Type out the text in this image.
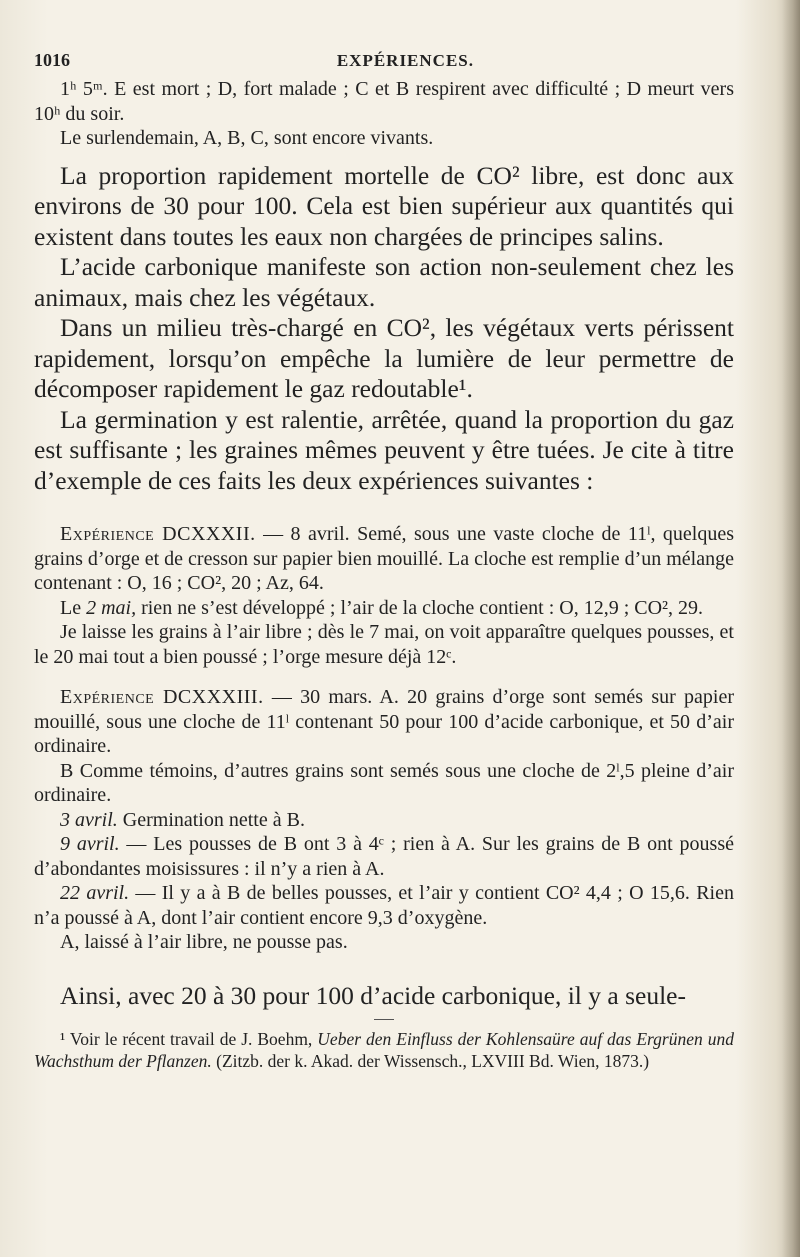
1016	EXPÉRIENCES.

1ʰ 5ᵐ. E est mort ; D, fort malade ; C et B respirent avec difficulté ; D meurt vers 10ʰ du soir.

Le surlendemain, A, B, C, sont encore vivants.

La proportion rapidement mortelle de CO² libre, est donc aux environs de 30 pour 100. Cela est bien supérieur aux quantités qui existent dans toutes les eaux non chargées de principes salins.

L’acide carbonique manifeste son action non-seulement chez les animaux, mais chez les végétaux.

Dans un milieu très-chargé en CO², les végétaux verts périssent rapidement, lorsqu’on empêche la lumière de leur permettre de décomposer rapidement le gaz redoutable¹.

La germination y est ralentie, arrêtée, quand la proportion du gaz est suffisante ; les graines mêmes peuvent y être tuées. Je cite à titre d’exemple de ces faits les deux expériences suivantes :

Expérience DCXXXII. — 8 avril. Semé, sous une vaste cloche de 11ˡ, quelques grains d’orge et de cresson sur papier bien mouillé. La cloche est remplie d’un mélange contenant : O, 16 ; CO², 20 ; Az, 64.

Le 2 mai, rien ne s’est développé ; l’air de la cloche contient : O, 12,9 ; CO², 29.

Je laisse les grains à l’air libre ; dès le 7 mai, on voit apparaître quelques pousses, et le 20 mai tout a bien poussé ; l’orge mesure déjà 12ᶜ.

Expérience DCXXXIII. — 30 mars. A. 20 grains d’orge sont semés sur papier mouillé, sous une cloche de 11ˡ contenant 50 pour 100 d’acide carbonique, et 50 d’air ordinaire.

B Comme témoins, d’autres grains sont semés sous une cloche de 2ˡ,5 pleine d’air ordinaire.

3 avril. Germination nette à B.

9 avril. — Les pousses de B ont 3 à 4ᶜ ; rien à A. Sur les grains de B ont poussé d’abondantes moisissures : il n’y a rien à A.

22 avril. — Il y a à B de belles pousses, et l’air y contient CO² 4,4 ; O 15,6. Rien n’a poussé à A, dont l’air contient encore 9,3 d’oxygène.

A, laissé à l’air libre, ne pousse pas.

Ainsi, avec 20 à 30 pour 100 d’acide carbonique, il y a seule-

¹ Voir le récent travail de J. Boehm, Ueber den Einfluss der Kohlensaüre auf das Ergrünen und Wachsthum der Pflanzen. (Zitzb. der k. Akad. der Wissensch., LXVIII Bd. Wien, 1873.)
